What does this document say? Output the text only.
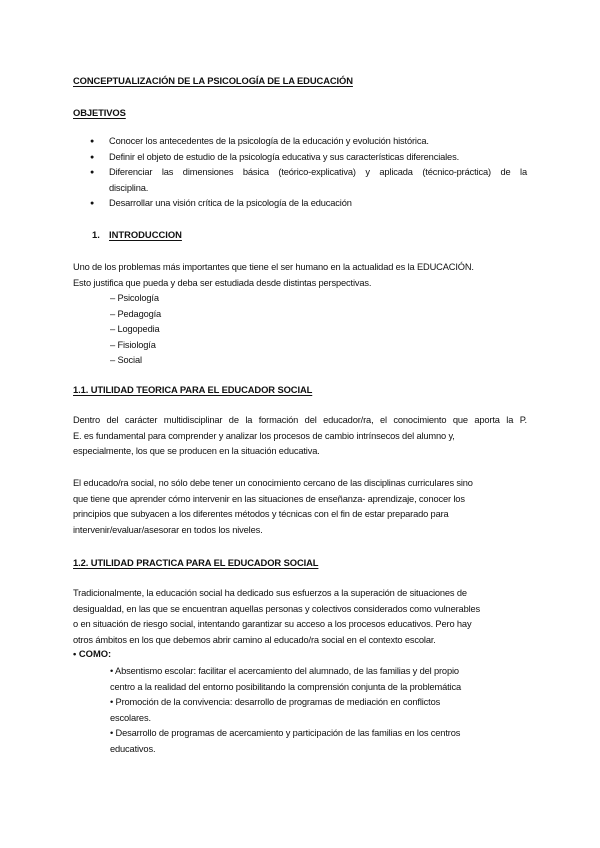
CONCEPTUALIZACIÓN DE LA PSICOLOGÍA DE LA EDUCACIÓN
OBJETIVOS
● Conocer los antecedentes de la psicología de la educación y evolución histórica.
● Definir el objeto de estudio de la psicología educativa y sus características diferenciales.
● Diferenciar las dimensiones básica (teórico-explicativa) y aplicada (técnico-práctica) de la
disciplina.
● Desarrollar una visión crítica de la psicología de la educación
1. INTRODUCCION
Uno de los problemas más importantes que tiene el ser humano en la actualidad es la EDUCACIÓN.
Esto justifica que pueda y deba ser estudiada desde distintas perspectivas.
– Psicología
– Pedagogía
– Logopedia
– Fisiología
– Social
1.1. UTILIDAD TEORICA PARA EL EDUCADOR SOCIAL
Dentro del carácter multidisciplinar de la formación del educador/ra, el conocimiento que aporta la P.
E. es fundamental para comprender y analizar los procesos de cambio intrínsecos del alumno y,
especialmente, los que se producen en la situación educativa.
El educado/ra social, no sólo debe tener un conocimiento cercano de las disciplinas curriculares sino
que tiene que aprender cómo intervenir en las situaciones de enseñanza- aprendizaje, conocer los
principios que subyacen a los diferentes métodos y técnicas con el fin de estar preparado para
intervenir/evaluar/asesorar en todos los niveles.
1.2. UTILIDAD PRACTICA PARA EL EDUCADOR SOCIAL
Tradicionalmente, la educación social ha dedicado sus esfuerzos a la superación de situaciones de
desigualdad, en las que se encuentran aquellas personas y colectivos considerados como vulnerables
o en situación de riesgo social, intentando garantizar su acceso a los procesos educativos. Pero hay
otros ámbitos en los que debemos abrir camino al educado/ra social en el contexto escolar.
• COMO:
• Absentismo escolar: facilitar el acercamiento del alumnado, de las familias y del propio
centro a la realidad del entorno posibilitando la comprensión conjunta de la problemática
• Promoción de la convivencia: desarrollo de programas de mediación en conflictos
escolares.
• Desarrollo de programas de acercamiento y participación de las familias en los centros
educativos.
